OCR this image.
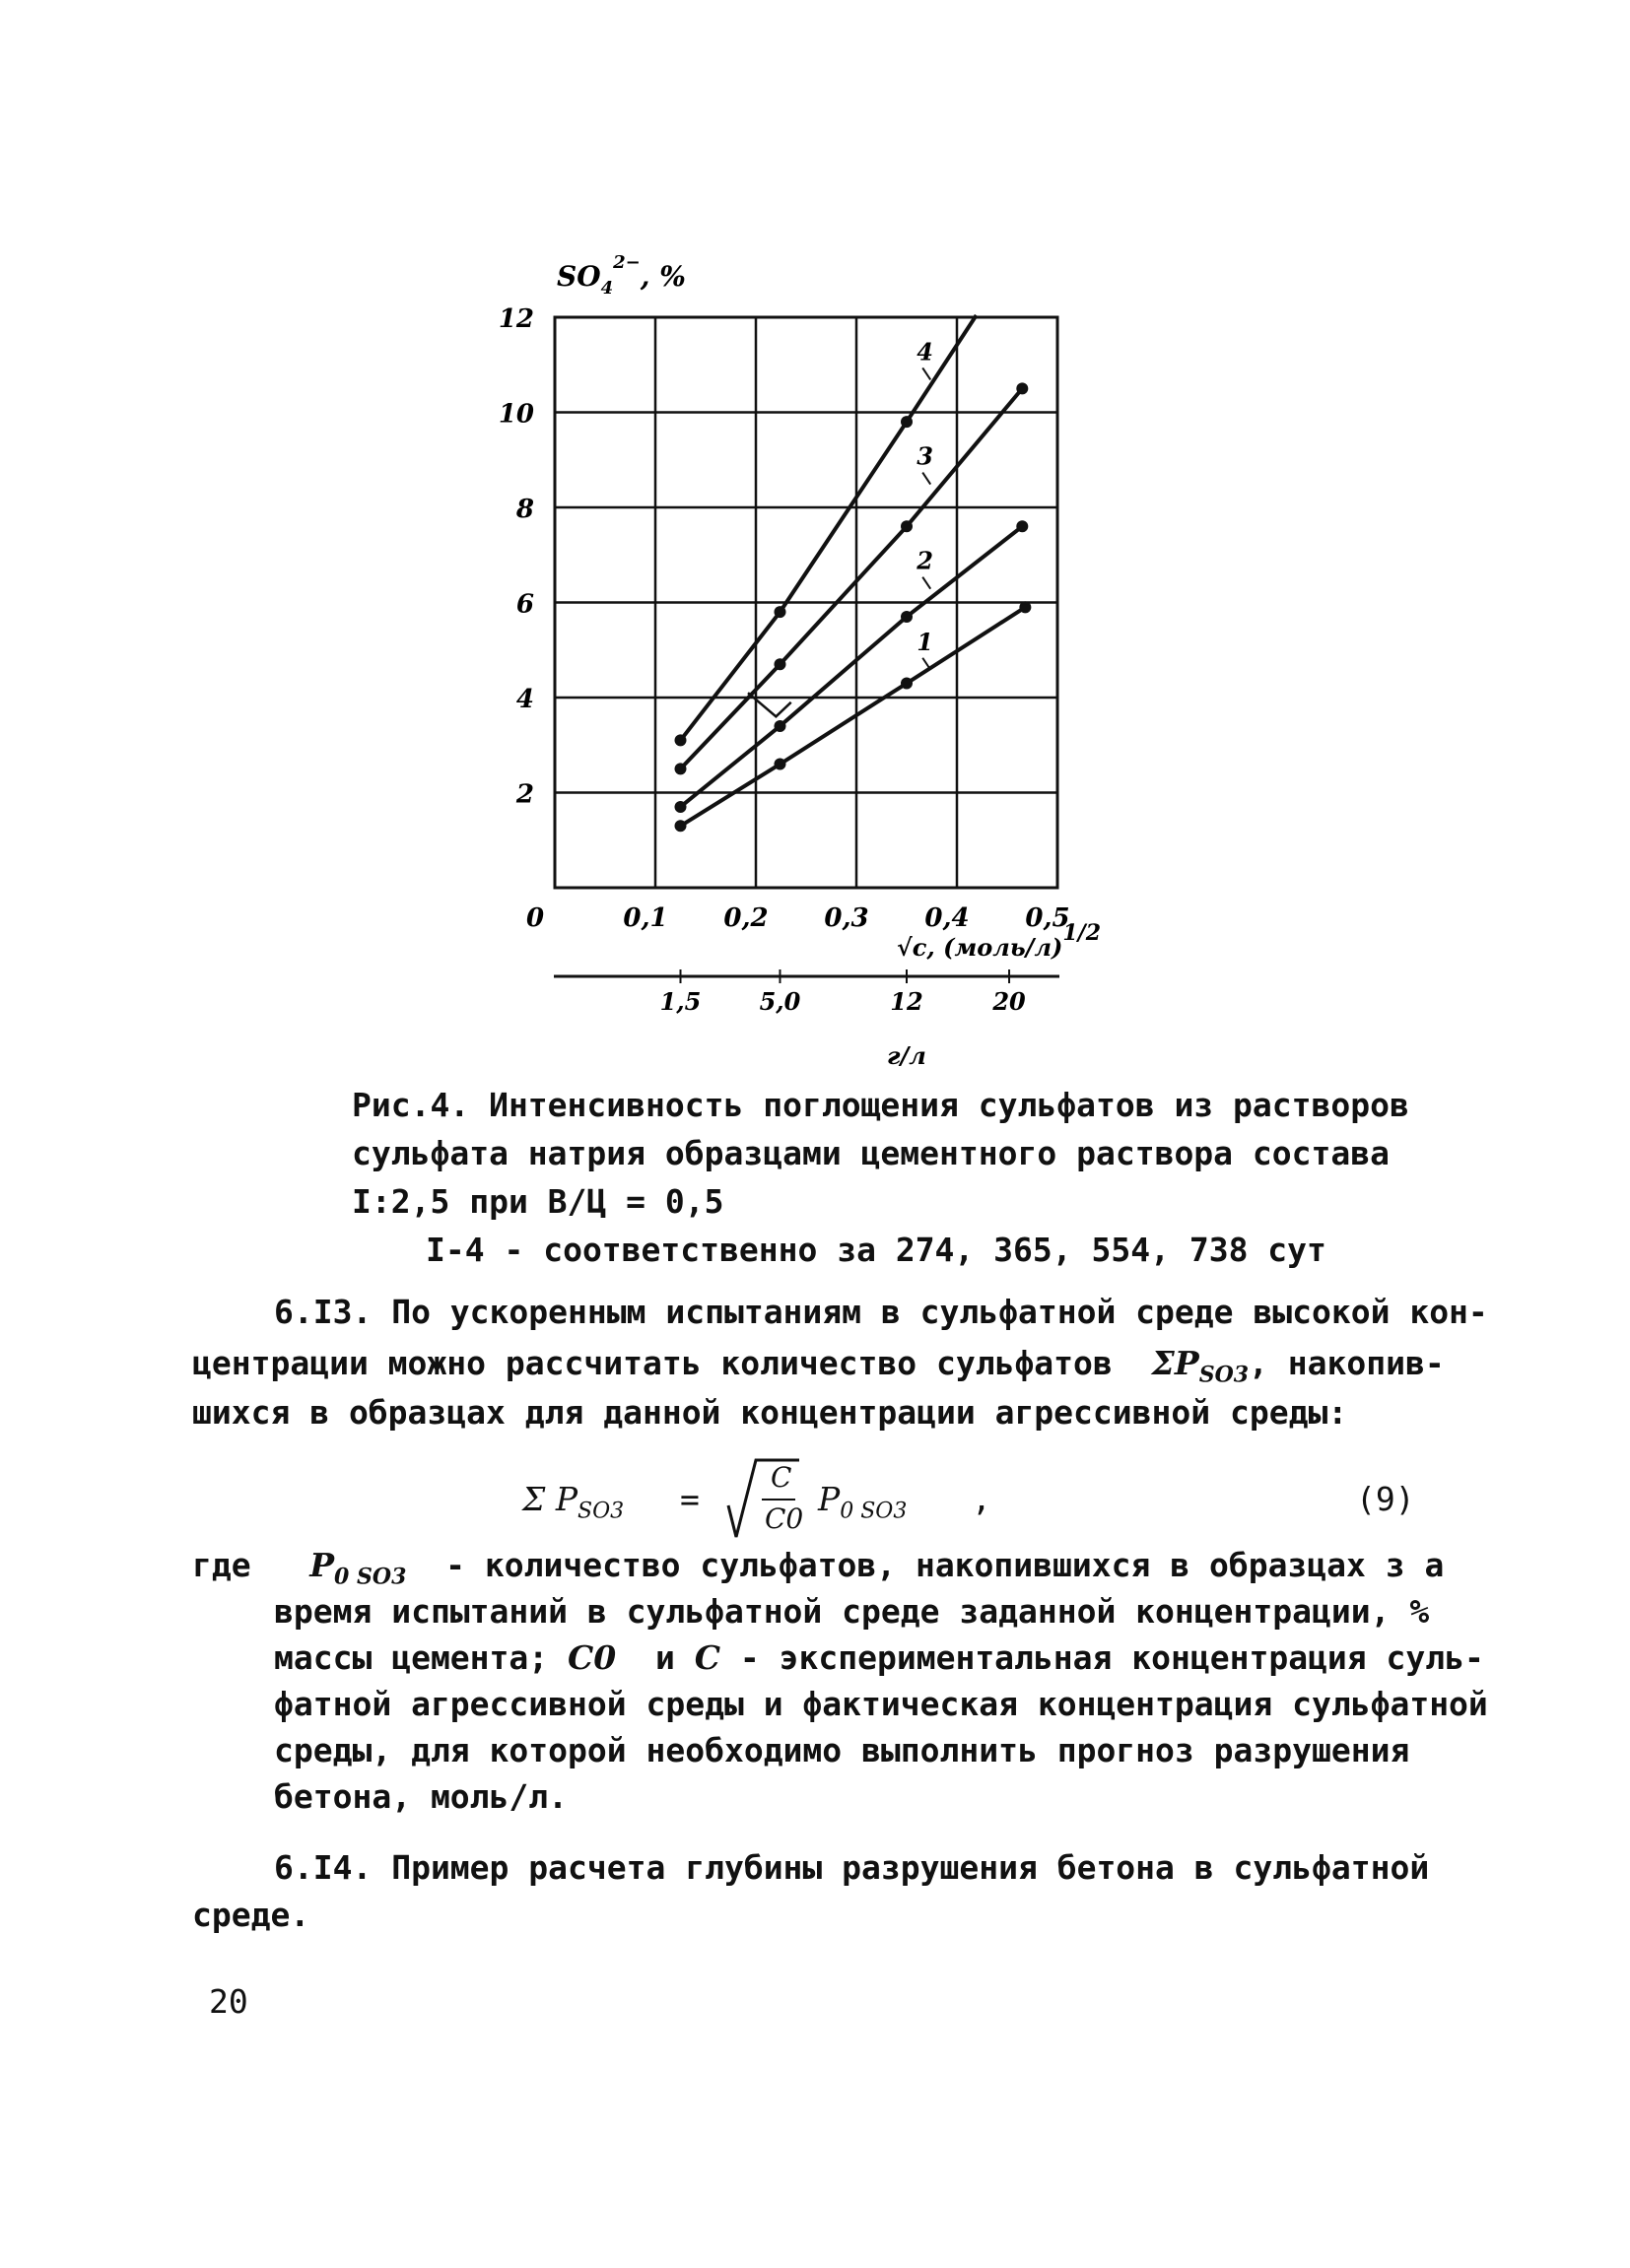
2
4
6
8
10
12
0	0,1 0,2 0,3 0,4 0,5
1,5 5,0	12	20
1
2
3
4
$SO_4^{2-}$, %
√c, (моль/л)1/2
г/л
Рис.4. Интенсивность поглощения сульфатов из растворов
сульфата натрия образцами цементного раствора состава
I:2,5 при В/Ц = 0,5
I-4 - соответственно за 274, 365, 554, 738 сут
6.I3. По ускоренным испытаниям в сульфатной среде высокой кон-
центрации можно рассчитать количество сульфатов $\Sigma P_{SO3}$, накопив-
шихся в образцах для данной концентрации агрессивной среды:
Σ $P_{SO3}$ =
C
C0
$P_{0 SO3}$ ,	(9)
где $P_{0 SO3}$ - количество сульфатов, накопившихся в образцах з а
время испытаний в сульфатной среде заданной концентрации, %
массы цемента; C0 и C - экспериментальная концентрация суль-
фатной агрессивной среды и фактическая концентрация сульфатной
среды, для которой необходимо выполнить прогноз разрушения
бетона, моль/л.
6.I4. Пример расчета глубины разрушения бетона в сульфатной
среде.
20
